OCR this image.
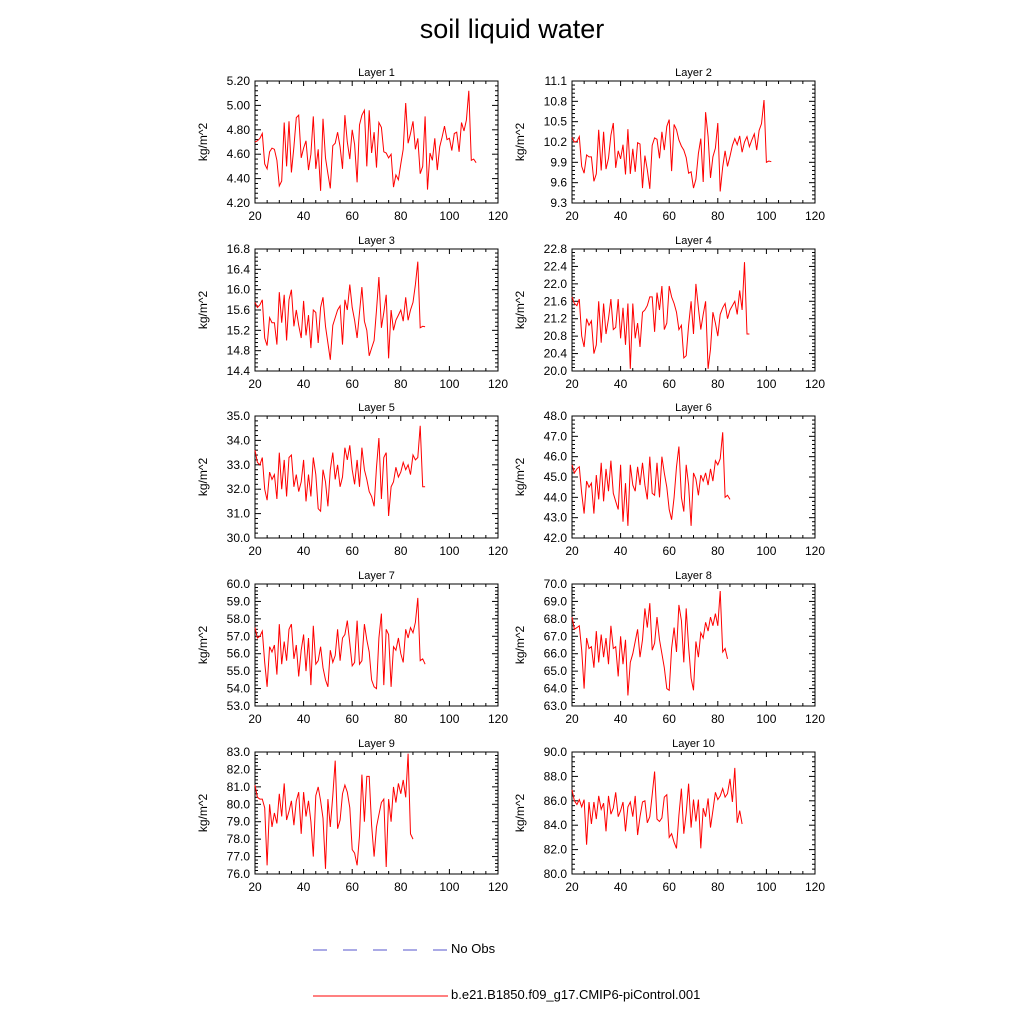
soil liquid water
Layer 1
20	40	60	80	100 120
4.20
4.40
4.60
4.80
5.00
5.20
kg/m^2
Layer 2
20	40	60	80	100 120
9.3
9.6
9.9
10.2
10.5
10.8
11.1
kg/m^2
Layer 3
20	40	60	80	100 120
14.4
14.8
15.2
15.6
16.0
16.4
16.8
kg/m^2
Layer 4
20	40	60	80	100 120
20.0
20.4
20.8
21.2
21.6
22.0
22.4
22.8
kg/m^2
Layer 5
20	40	60	80	100 120
30.0
31.0
32.0
33.0
34.0
35.0
kg/m^2
Layer 6
20	40	60	80	100 120
42.0
43.0
44.0
45.0
46.0
47.0
48.0
kg/m^2
Layer 7
20	40	60	80	100 120
53.0
54.0
55.0
56.0
57.0
58.0
59.0
60.0
kg/m^2
Layer 8
20	40	60	80	100 120
63.0
64.0
65.0
66.0
67.0
68.0
69.0
70.0
kg/m^2
Layer 9
20	40	60	80	100 120
76.0
77.0
78.0
79.0
80.0
81.0
82.0
83.0
kg/m^2
Layer 10
20	40	60	80	100 120
80.0
82.0
84.0
86.0
88.0
90.0
kg/m^2
No Obs
b.e21.B1850.f09_g17.CMIP6-piControl.001
